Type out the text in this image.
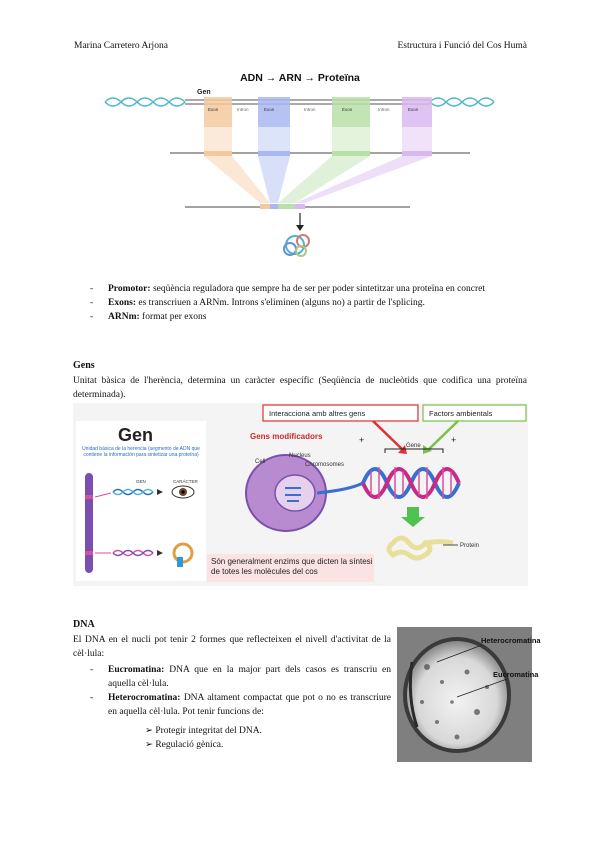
Marina Carretero Arjona	Estructura i Funció del Cos Humà
ADN → ARN → Proteïna
Gen
Exon	Exon	Exon	Exon
Intron	Intron	Intron

- Promotor: seqüència reguladora que sempre ha de ser per poder sintetitzar una proteïna en concret

- Exons: es transcriuen a ARNm. Introns s'eliminen (alguns no) a partir de l'splicing.

- ARNm: format per exons

Gens
Unitat bàsica de l'herència, determina un caràcter específic (Seqüència de nucleòtids que codifica una proteïna determinada).
Gen
Unidad básica de la herencia (segmento de ADN que contiene la información para sintetizar una proteína)
GEN	CARÁCTER
Gens modificadors
Interacciona amb altres gens	Factors ambientals
Cell
Nucleus
Chromosomes
Gene
+	+
Protein
Són generalment enzims que dicten la síntesi de totes les molècules del cos
DNA
El DNA en el nucli pot tenir 2 formes que reflecteixen el nivell d'activitat de la cèl·lula:

- Eucromatina: DNA que en la major part dels casos es transcriu en aquella cèl·lula.

- Heterocromatina: DNA altament compactat que pot o no es transcriure en aquella cèl·lula. Pot tenir funcions de:

➢ Protegir integritat del DNA.
➢ Regulació gènica.
Heterocromatina
Eucromatina
